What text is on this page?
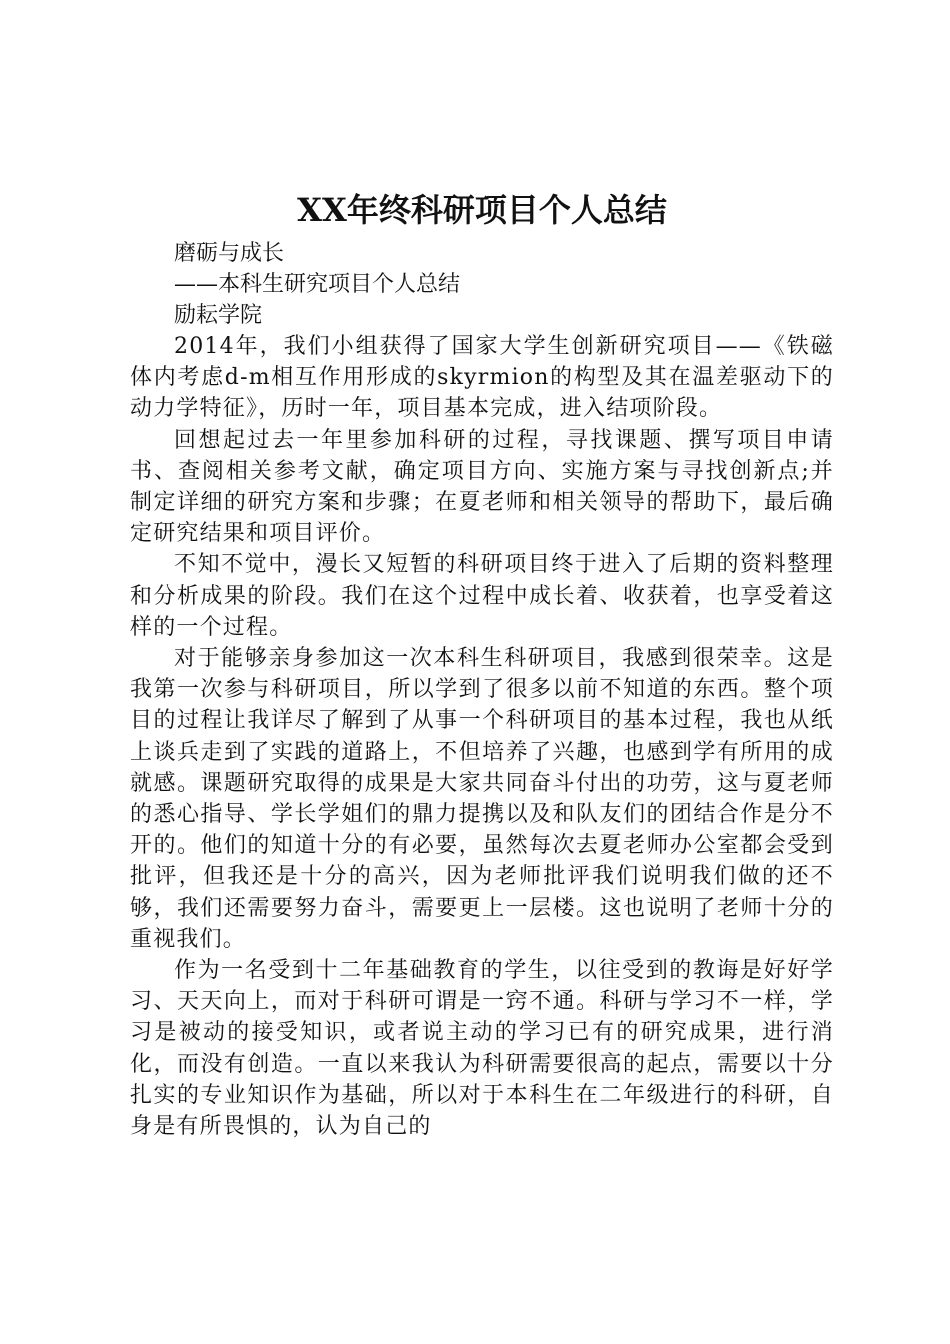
XX年终科研项目个人总结

磨砺与成长

——本科生研究项目个人总结

励耘学院

2014年，我们小组获得了国家大学生创新研究项目——《铁磁体内考虑d-m相互作用形成的skyrmion的构型及其在温差驱动下的动力学特征》，历时一年，项目基本完成，进入结项阶段。

回想起过去一年里参加科研的过程，寻找课题、撰写项目申请书、查阅相关参考文献，确定项目方向、实施方案与寻找创新点;并制定详细的研究方案和步骤；在夏老师和相关领导的帮助下，最后确定研究结果和项目评价。

不知不觉中，漫长又短暂的科研项目终于进入了后期的资料整理和分析成果的阶段。我们在这个过程中成长着、收获着，也享受着这样的一个过程。

对于能够亲身参加这一次本科生科研项目，我感到很荣幸。这是我第一次参与科研项目，所以学到了很多以前不知道的东西。整个项目的过程让我详尽了解到了从事一个科研项目的基本过程，我也从纸上谈兵走到了实践的道路上，不但培养了兴趣，也感到学有所用的成就感。课题研究取得的成果是大家共同奋斗付出的功劳，这与夏老师的悉心指导、学长学姐们的鼎力提携以及和队友们的团结合作是分不开的。他们的知道十分的有必要，虽然每次去夏老师办公室都会受到批评，但我还是十分的高兴，因为老师批评我们说明我们做的还不够，我们还需要努力奋斗，需要更上一层楼。这也说明了老师十分的重视我们。

作为一名受到十二年基础教育的学生，以往受到的教诲是好好学习、天天向上，而对于科研可谓是一窍不通。科研与学习不一样，学习是被动的接受知识，或者说主动的学习已有的研究成果，进行消化，而没有创造。一直以来我认为科研需要很高的起点，需要以十分扎实的专业知识作为基础，所以对于本科生在二年级进行的科研，自身是有所畏惧的，认为自己的
